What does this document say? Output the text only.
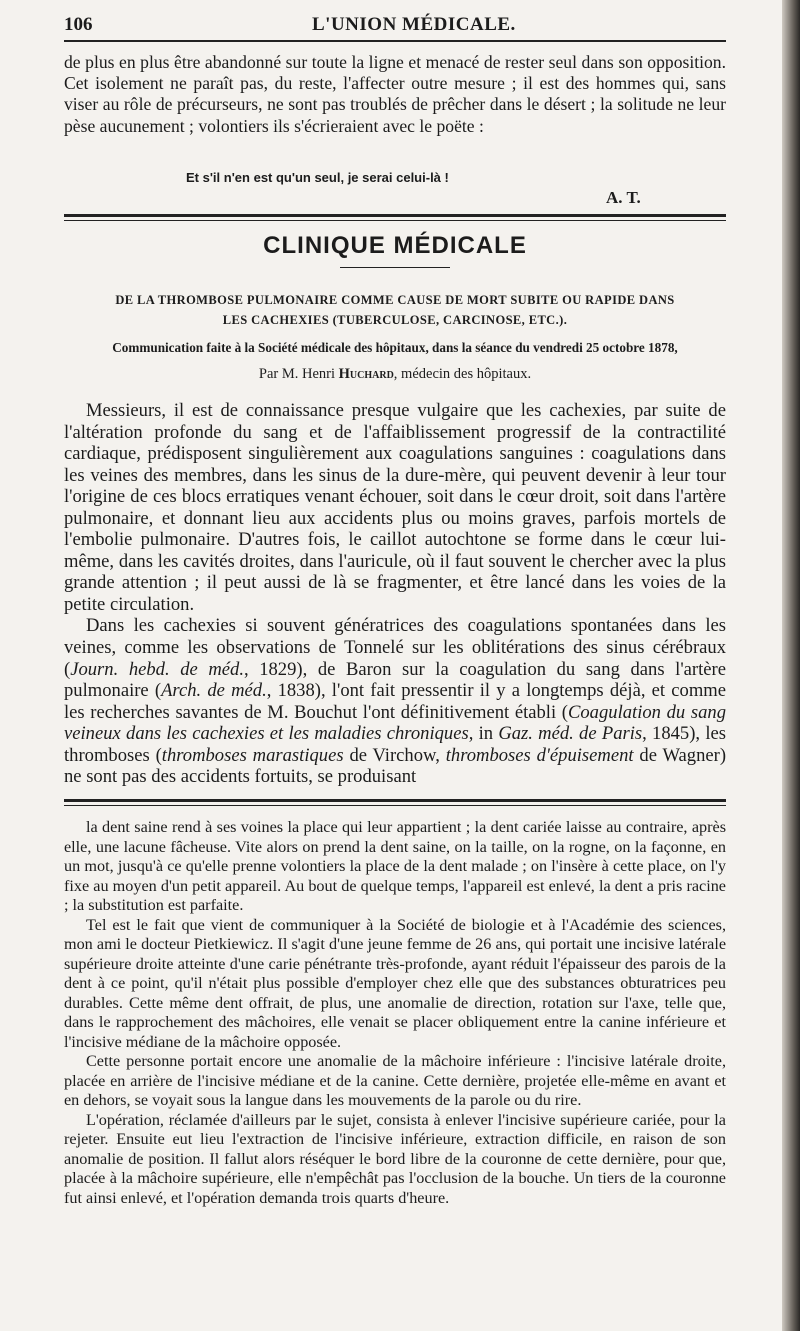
106	L'UNION MÉDICALE.

de plus en plus être abandonné sur toute la ligne et menacé de rester seul dans son opposition. Cet isolement ne paraît pas, du reste, l'affecter outre mesure ; il est des hommes qui, sans viser au rôle de précurseurs, ne sont pas troublés de prêcher dans le désert ; la solitude ne leur pèse aucunement ; volontiers ils s'écrieraient avec le poëte :

Et s'il n'en est qu'un seul, je serai celui-là !
A. T.
CLINIQUE MÉDICALE
DE LA THROMBOSE PULMONAIRE COMME CAUSE DE MORT SUBITE OU RAPIDE DANS
LES CACHEXIES (TUBERCULOSE, CARCINOSE, ETC.).
Communication faite à la Société médicale des hôpitaux, dans la séance du vendredi 25 octobre 1878,
Par M. Henri Huchard, médecin des hôpitaux.

Messieurs, il est de connaissance presque vulgaire que les cachexies, par suite de l'altération profonde du sang et de l'affaiblissement progressif de la contractilité cardiaque, prédisposent singulièrement aux coagulations sanguines : coagulations dans les veines des membres, dans les sinus de la dure-mère, qui peuvent devenir à leur tour l'origine de ces blocs erratiques venant échouer, soit dans le cœur droit, soit dans l'artère pulmonaire, et donnant lieu aux accidents plus ou moins graves, parfois mortels de l'embolie pulmonaire. D'autres fois, le caillot autochtone se forme dans le cœur lui-même, dans les cavités droites, dans l'auricule, où il faut souvent le chercher avec la plus grande attention ; il peut aussi de là se fragmenter, et être lancé dans les voies de la petite circulation.

Dans les cachexies si souvent génératrices des coagulations spontanées dans les veines, comme les observations de Tonnelé sur les oblitérations des sinus cérébraux (Journ. hebd. de méd., 1829), de Baron sur la coagulation du sang dans l'artère pulmonaire (Arch. de méd., 1838), l'ont fait pressentir il y a longtemps déjà, et comme les recherches savantes de M. Bouchut l'ont définitivement établi (Coagulation du sang veineux dans les cachexies et les maladies chroniques, in Gaz. méd. de Paris, 1845), les thromboses (thromboses marastiques de Virchow, thromboses d'épuisement de Wagner) ne sont pas des accidents fortuits, se produisant

la dent saine rend à ses voines la place qui leur appartient ; la dent cariée laisse au contraire, après elle, une lacune fâcheuse. Vite alors on prend la dent saine, on la taille, on la rogne, on la façonne, en un mot, jusqu'à ce qu'elle prenne volontiers la place de la dent malade ; on l'insère à cette place, on l'y fixe au moyen d'un petit appareil. Au bout de quelque temps, l'appareil est enlevé, la dent a pris racine ; la substitution est parfaite.

Tel est le fait que vient de communiquer à la Société de biologie et à l'Académie des sciences, mon ami le docteur Pietkiewicz. Il s'agit d'une jeune femme de 26 ans, qui portait une incisive latérale supérieure droite atteinte d'une carie pénétrante très-profonde, ayant réduit l'épaisseur des parois de la dent à ce point, qu'il n'était plus possible d'employer chez elle que des substances obturatrices peu durables. Cette même dent offrait, de plus, une anomalie de direction, rotation sur l'axe, telle que, dans le rapprochement des mâchoires, elle venait se placer obliquement entre la canine inférieure et l'incisive médiane de la mâchoire opposée.

Cette personne portait encore une anomalie de la mâchoire inférieure : l'incisive latérale droite, placée en arrière de l'incisive médiane et de la canine. Cette dernière, projetée elle-même en avant et en dehors, se voyait sous la langue dans les mouvements de la parole ou du rire.

L'opération, réclamée d'ailleurs par le sujet, consista à enlever l'incisive supérieure cariée, pour la rejeter. Ensuite eut lieu l'extraction de l'incisive inférieure, extraction difficile, en raison de son anomalie de position. Il fallut alors réséquer le bord libre de la couronne de cette dernière, pour que, placée à la mâchoire supérieure, elle n'empêchât pas l'occlusion de la bouche. Un tiers de la couronne fut ainsi enlevé, et l'opération demanda trois quarts d'heure.
